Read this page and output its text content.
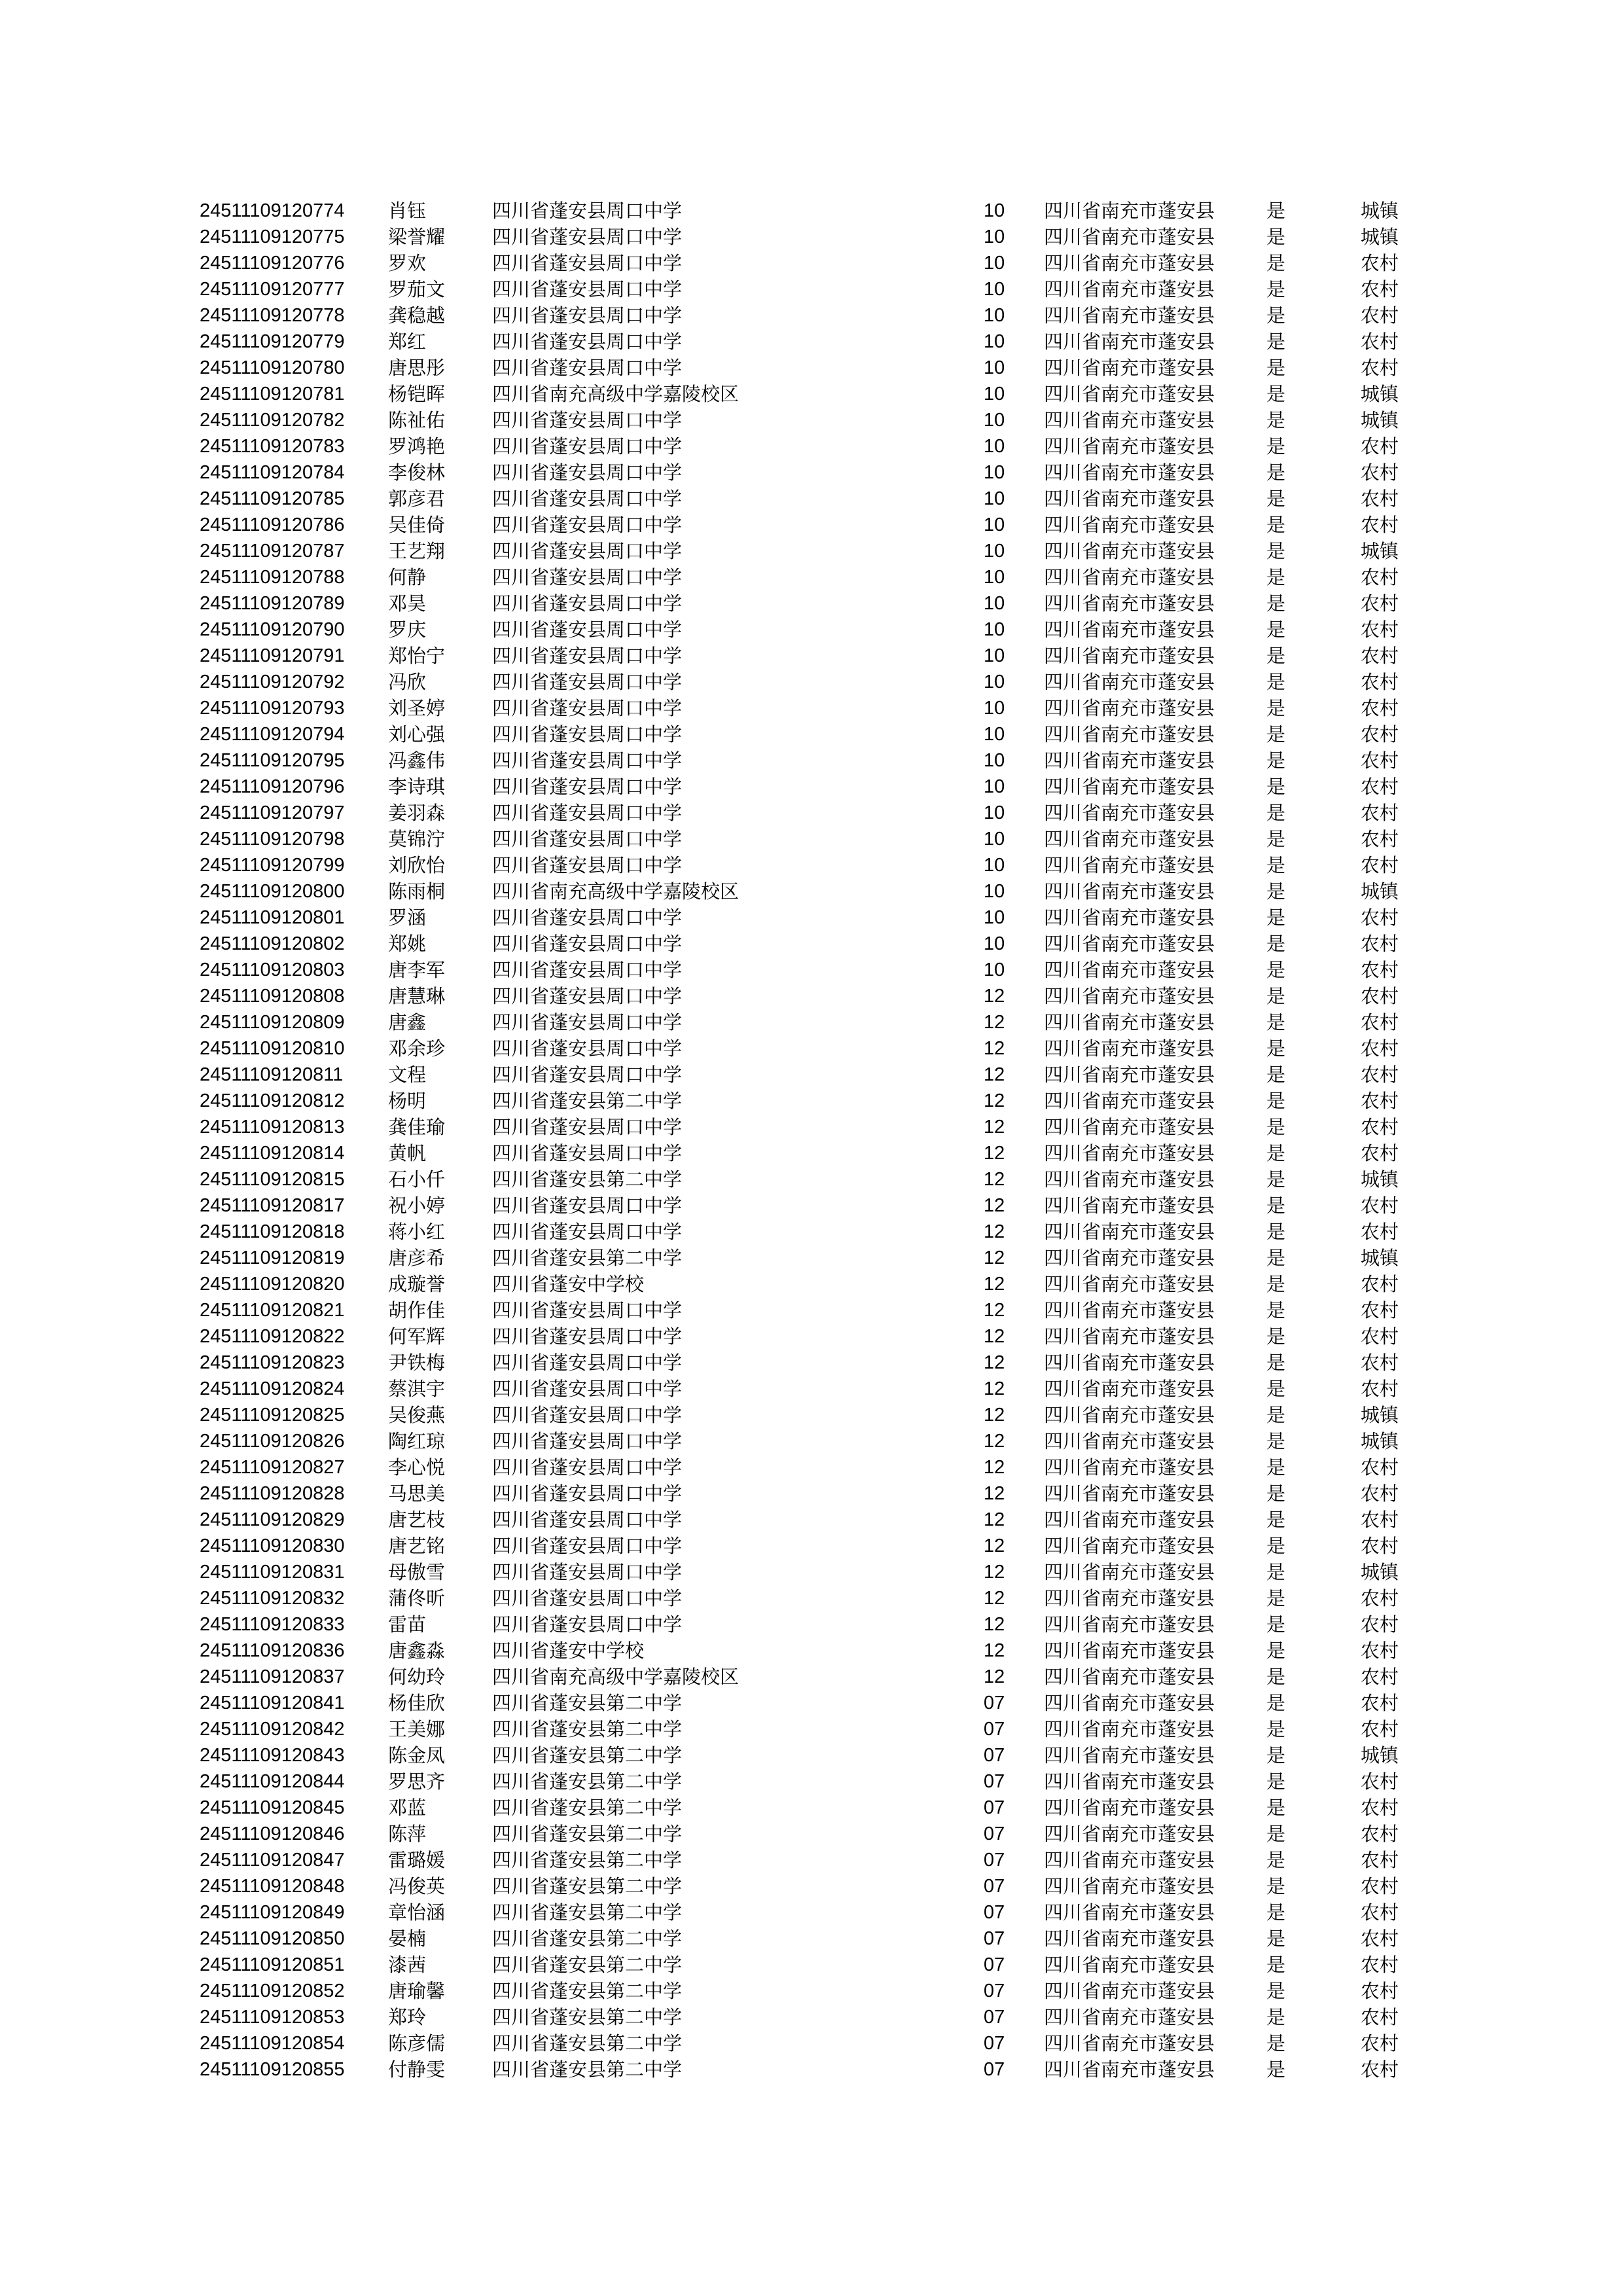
24511109120774 肖钰	四川省蓬安县周口中学	10 四川省南充市蓬安县	是	城镇
24511109120775 梁誉耀 四川省蓬安县周口中学	10 四川省南充市蓬安县	是	城镇
24511109120776 罗欢	四川省蓬安县周口中学	10 四川省南充市蓬安县	是	农村
24511109120777 罗茄文 四川省蓬安县周口中学	10 四川省南充市蓬安县	是	农村
24511109120778 龚稳越 四川省蓬安县周口中学	10 四川省南充市蓬安县	是	农村
24511109120779 郑红	四川省蓬安县周口中学	10 四川省南充市蓬安县	是	农村
24511109120780 唐思彤 四川省蓬安县周口中学	10 四川省南充市蓬安县	是	农村
24511109120781 杨铠晖 四川省南充高级中学嘉陵校区	10 四川省南充市蓬安县	是	城镇
24511109120782 陈祉佑 四川省蓬安县周口中学	10 四川省南充市蓬安县	是	城镇
24511109120783 罗鸿艳 四川省蓬安县周口中学	10 四川省南充市蓬安县	是	农村
24511109120784 李俊林 四川省蓬安县周口中学	10 四川省南充市蓬安县	是	农村
24511109120785 郭彦君 四川省蓬安县周口中学	10 四川省南充市蓬安县	是	农村
24511109120786 吴佳倚 四川省蓬安县周口中学	10 四川省南充市蓬安县	是	农村
24511109120787 王艺翔 四川省蓬安县周口中学	10 四川省南充市蓬安县	是	城镇
24511109120788 何静	四川省蓬安县周口中学	10 四川省南充市蓬安县	是	农村
24511109120789 邓昊	四川省蓬安县周口中学	10 四川省南充市蓬安县	是	农村
24511109120790 罗庆	四川省蓬安县周口中学	10 四川省南充市蓬安县	是	农村
24511109120791 郑怡宁 四川省蓬安县周口中学	10 四川省南充市蓬安县	是	农村
24511109120792 冯欣	四川省蓬安县周口中学	10 四川省南充市蓬安县	是	农村
24511109120793 刘圣婷 四川省蓬安县周口中学	10 四川省南充市蓬安县	是	农村
24511109120794 刘心强 四川省蓬安县周口中学	10 四川省南充市蓬安县	是	农村
24511109120795 冯鑫伟 四川省蓬安县周口中学	10 四川省南充市蓬安县	是	农村
24511109120796 李诗琪 四川省蓬安县周口中学	10 四川省南充市蓬安县	是	农村
24511109120797 姜羽森 四川省蓬安县周口中学	10 四川省南充市蓬安县	是	农村
24511109120798 莫锦泞 四川省蓬安县周口中学	10 四川省南充市蓬安县	是	农村
24511109120799 刘欣怡 四川省蓬安县周口中学	10 四川省南充市蓬安县	是	农村
24511109120800 陈雨桐 四川省南充高级中学嘉陵校区	10 四川省南充市蓬安县	是	城镇
24511109120801 罗涵	四川省蓬安县周口中学	10 四川省南充市蓬安县	是	农村
24511109120802 郑姚	四川省蓬安县周口中学	10 四川省南充市蓬安县	是	农村
24511109120803 唐李军 四川省蓬安县周口中学	10 四川省南充市蓬安县	是	农村
24511109120808 唐慧琳 四川省蓬安县周口中学	12 四川省南充市蓬安县	是	农村
24511109120809 唐鑫	四川省蓬安县周口中学	12 四川省南充市蓬安县	是	农村
24511109120810 邓余珍 四川省蓬安县周口中学	12 四川省南充市蓬安县	是	农村
24511109120811 文程	四川省蓬安县周口中学	12 四川省南充市蓬安县	是	农村
24511109120812 杨明	四川省蓬安县第二中学	12 四川省南充市蓬安县	是	农村
24511109120813 龚佳瑜 四川省蓬安县周口中学	12 四川省南充市蓬安县	是	农村
24511109120814 黄帆	四川省蓬安县周口中学	12 四川省南充市蓬安县	是	农村
24511109120815 石小仟 四川省蓬安县第二中学	12 四川省南充市蓬安县	是	城镇
24511109120817 祝小婷 四川省蓬安县周口中学	12 四川省南充市蓬安县	是	农村
24511109120818 蒋小红 四川省蓬安县周口中学	12 四川省南充市蓬安县	是	农村
24511109120819 唐彦希 四川省蓬安县第二中学	12 四川省南充市蓬安县	是	城镇
24511109120820 成璇誉 四川省蓬安中学校	12 四川省南充市蓬安县	是	农村
24511109120821 胡作佳 四川省蓬安县周口中学	12 四川省南充市蓬安县	是	农村
24511109120822 何军辉 四川省蓬安县周口中学	12 四川省南充市蓬安县	是	农村
24511109120823 尹铁梅 四川省蓬安县周口中学	12 四川省南充市蓬安县	是	农村
24511109120824 蔡淇宇 四川省蓬安县周口中学	12 四川省南充市蓬安县	是	农村
24511109120825 吴俊燕 四川省蓬安县周口中学	12 四川省南充市蓬安县	是	城镇
24511109120826 陶红琼 四川省蓬安县周口中学	12 四川省南充市蓬安县	是	城镇
24511109120827 李心悦 四川省蓬安县周口中学	12 四川省南充市蓬安县	是	农村
24511109120828 马思美 四川省蓬安县周口中学	12 四川省南充市蓬安县	是	农村
24511109120829 唐艺枝 四川省蓬安县周口中学	12 四川省南充市蓬安县	是	农村
24511109120830 唐艺铭 四川省蓬安县周口中学	12 四川省南充市蓬安县	是	农村
24511109120831 母傲雪 四川省蓬安县周口中学	12 四川省南充市蓬安县	是	城镇
24511109120832 蒲佟昕 四川省蓬安县周口中学	12 四川省南充市蓬安县	是	农村
24511109120833 雷苗	四川省蓬安县周口中学	12 四川省南充市蓬安县	是	农村
24511109120836 唐鑫淼 四川省蓬安中学校	12 四川省南充市蓬安县	是	农村
24511109120837 何幼玲 四川省南充高级中学嘉陵校区	12 四川省南充市蓬安县	是	农村
24511109120841 杨佳欣 四川省蓬安县第二中学	07 四川省南充市蓬安县	是	农村
24511109120842 王美娜 四川省蓬安县第二中学	07 四川省南充市蓬安县	是	农村
24511109120843 陈金凤 四川省蓬安县第二中学	07 四川省南充市蓬安县	是	城镇
24511109120844 罗思齐 四川省蓬安县第二中学	07 四川省南充市蓬安县	是	农村
24511109120845 邓蓝	四川省蓬安县第二中学	07 四川省南充市蓬安县	是	农村
24511109120846 陈萍	四川省蓬安县第二中学	07 四川省南充市蓬安县	是	农村
24511109120847 雷璐媛 四川省蓬安县第二中学	07 四川省南充市蓬安县	是	农村
24511109120848 冯俊英 四川省蓬安县第二中学	07 四川省南充市蓬安县	是	农村
24511109120849 章怡涵 四川省蓬安县第二中学	07 四川省南充市蓬安县	是	农村
24511109120850 晏楠	四川省蓬安县第二中学	07 四川省南充市蓬安县	是	农村
24511109120851 漆茜	四川省蓬安县第二中学	07 四川省南充市蓬安县	是	农村
24511109120852 唐瑜馨 四川省蓬安县第二中学	07 四川省南充市蓬安县	是	农村
24511109120853 郑玲	四川省蓬安县第二中学	07 四川省南充市蓬安县	是	农村
24511109120854 陈彦儒 四川省蓬安县第二中学	07 四川省南充市蓬安县	是	农村
24511109120855 付静雯 四川省蓬安县第二中学	07 四川省南充市蓬安县	是	农村
